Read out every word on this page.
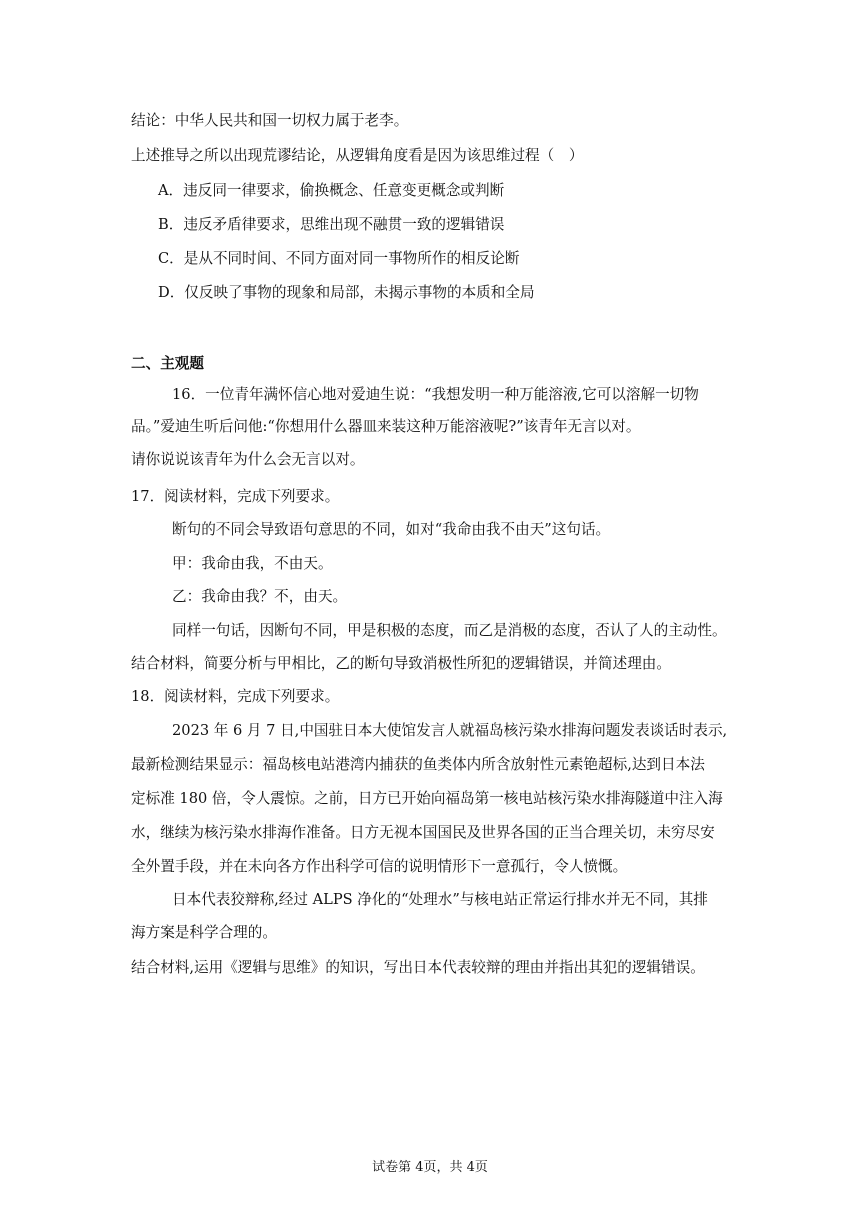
结论：中华人民共和国一切权力属于老李。
上述推导之所以出现荒谬结论，从逻辑角度看是因为该思维过程（　）
A．违反同一律要求，偷换概念、任意变更概念或判断
B．违反矛盾律要求，思维出现不融贯一致的逻辑错误
C．是从不同时间、不同方面对同一事物所作的相反论断
D．仅反映了事物的现象和局部，未揭示事物的本质和全局
二、主观题
16．一位青年满怀信心地对爱迪生说：“我想发明一种万能溶液,它可以溶解一切物
品。”爱迪生听后问他:“你想用什么器皿来装这种万能溶液呢?”该青年无言以对。
请你说说该青年为什么会无言以对。
17．阅读材料，完成下列要求。
断句的不同会导致语句意思的不同，如对“我命由我不由天”这句话。
甲：我命由我，不由天。
乙：我命由我？不，由天。
同样一句话，因断句不同，甲是积极的态度，而乙是消极的态度，否认了人的主动性。
结合材料，简要分析与甲相比，乙的断句导致消极性所犯的逻辑错误，并简述理由。
18．阅读材料，完成下列要求。
2023 年 6 月 7 日,中国驻日本大使馆发言人就福岛核污染水排海问题发表谈话时表示,
最新检测结果显示：福岛核电站港湾内捕获的鱼类体内所含放射性元素铯超标,达到日本法
定标准 180 倍，令人震惊。之前，日方已开始向福岛第一核电站核污染水排海隧道中注入海
水，继续为核污染水排海作准备。日方无视本国国民及世界各国的正当合理关切，未穷尽安
全外置手段，并在未向各方作出科学可信的说明情形下一意孤行，令人愤慨。
日本代表狡辩称,经过 ALPS 净化的“处理水”与核电站正常运行排水并无不同，其排
海方案是科学合理的。
结合材料,运用《逻辑与思维》的知识，写出日本代表较辩的理由并指出其犯的逻辑错误。
试卷第 4页，共 4页
